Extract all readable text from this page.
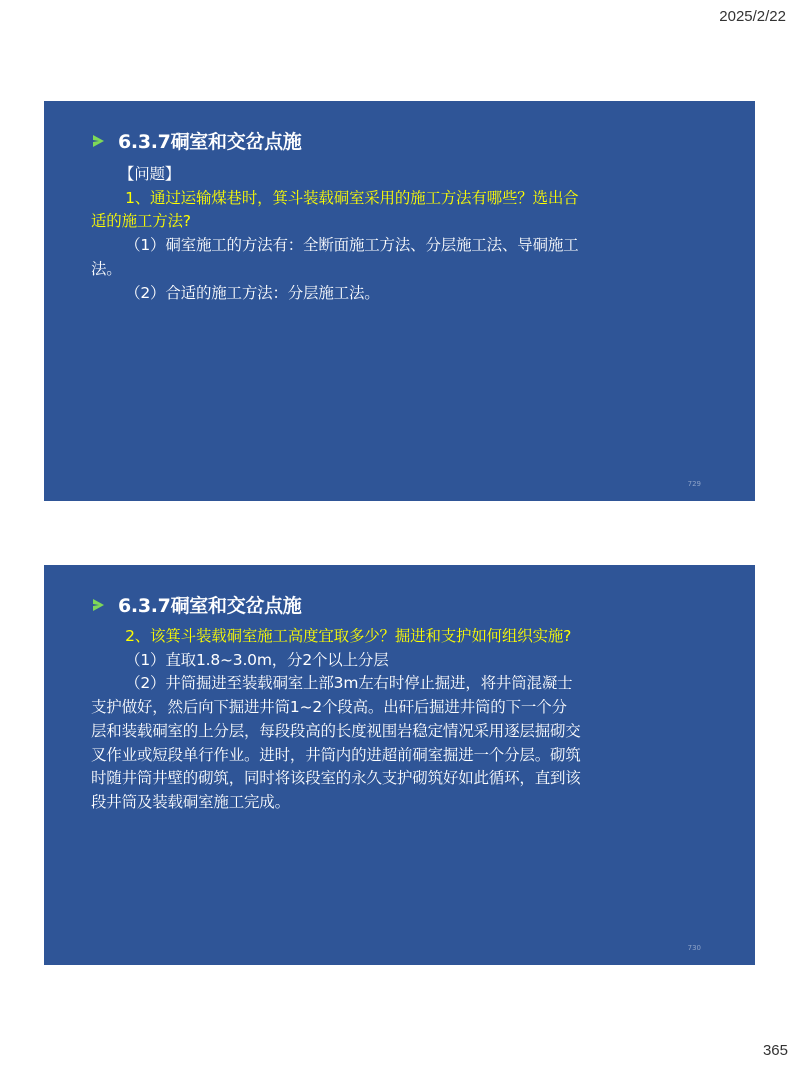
2025/2/22
6.3.7硐室和交岔点施

【问题】

1、通过运输煤巷时，箕斗装载硐室采用的施工方法有哪些？选出合适的施工方法?

（1）硐室施工的方法有：全断面施工方法、分层施工法、导硐施工法。

（2）合适的施工方法：分层施工法。

729
6.3.7硐室和交岔点施

2、该箕斗装载硐室施工高度宜取多少？掘进和支护如何组织实施?

（1）直取1.8~3.0m，分2个以上分层

（2）井筒掘进至装载硐室上部3m左右时停止掘进，将井筒混凝士支护做好，然后向下掘进井筒1~2个段高。出矸后掘进井筒的下一个分层和装载硐室的上分层，每段段高的长度视围岩稳定情况采用逐层掘砌交叉作业或短段单行作业。进时，井筒内的进超前硐室掘进一个分层。砌筑时随井筒井壁的砌筑，同时将该段室的永久支护砌筑好如此循环，直到该段井筒及装载硐室施工完成。

730
365
